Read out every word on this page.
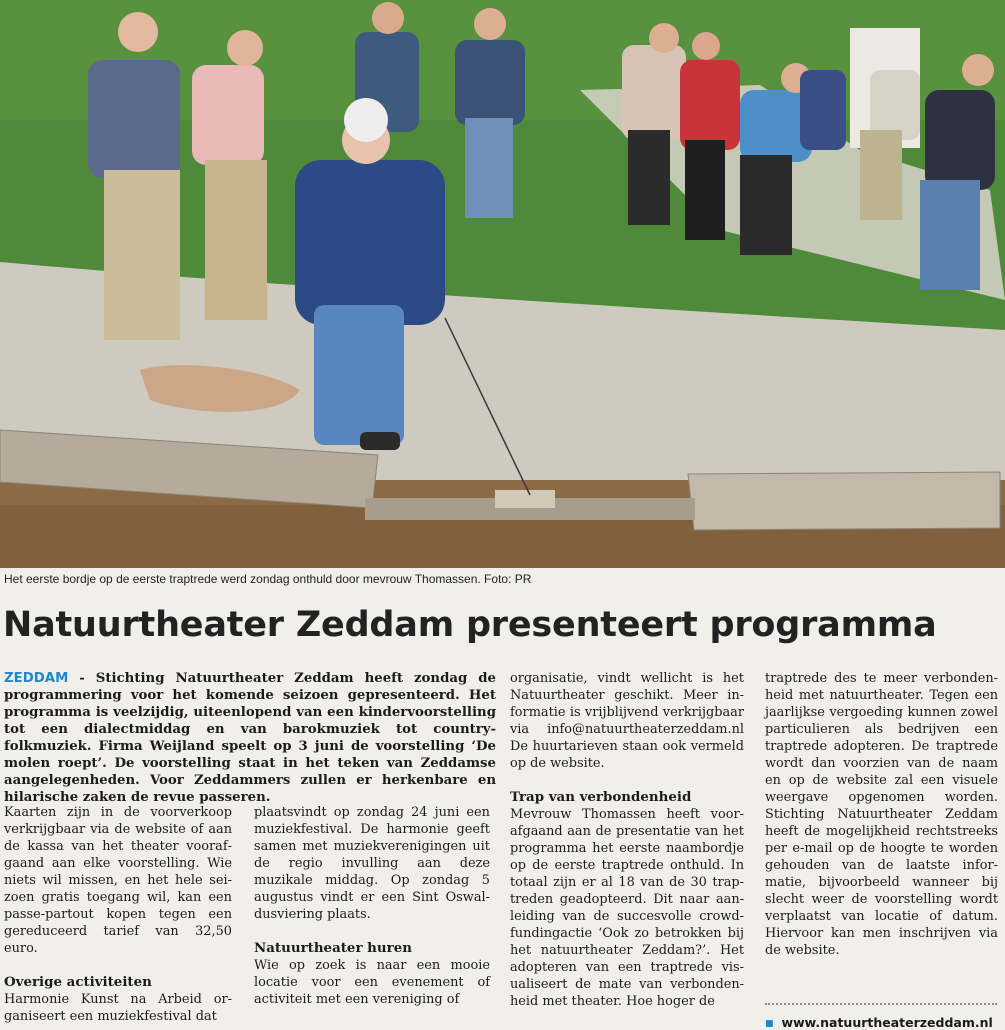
Het eerste bordje op de eerste traptrede werd zondag onthuld door mevrouw Thomassen. Foto: PR
Natuurtheater Zeddam presenteert programma
ZEDDAM - Stichting Natuurtheater Zeddam heeft zondag de programmering voor het komende seizoen gepresenteerd. Het programma is veelzijdig, uiteenlopend van een kindervoorstelling tot een dialectmiddag en van barokmuziek tot country-folkmuziek. Firma Weijland speelt op 3 juni de voorstelling ‘De molen roept’. De voorstelling staat in het teken van Zeddamse aangelegenheden. Voor Zeddammers zullen er herkenbare en hilarische zaken de revue passeren.

Kaarten zijn in de voorverkoop verkrijgbaar via de website of aan de kassa van het theater voorafgaand aan elke voorstelling. Wie niets wil missen, en het hele seizoen gratis toegang wil, kan een passe-partout kopen tegen een gereduceerd tarief van 32,50 euro.

Overige activiteiten

Harmonie Kunst na Arbeid organiseert een muziekfestival dat

plaatsvindt op zondag 24 juni een muziekfestival. De harmonie geeft samen met muziekverenigingen uit de regio invulling aan deze muzikale middag. Op zondag 5 augustus vindt er een Sint Oswaldusviering plaats.

Natuurtheater huren

Wie op zoek is naar een mooie locatie voor een evenement of activiteit met een vereniging of

organisatie, vindt wellicht is het Natuurtheater geschikt. Meer informatie is vrijblijvend verkrijgbaar via info@natuurtheaterzeddam.nl De huurtarieven staan ook vermeld op de website.

Trap van verbondenheid

Mevrouw Thomassen heeft voorafgaand aan de presentatie van het programma het eerste naambordje op de eerste traptrede onthuld. In totaal zijn er al 18 van de 30 traptreden geadopteerd. Dit naar aanleiding van de succesvolle crowdfundingactie ‘Ook zo betrokken bij het natuurtheater Zeddam?’. Het adopteren van een traptrede visualiseert de mate van verbondenheid met theater. Hoe hoger de

traptrede des te meer verbondenheid met natuurtheater. Tegen een jaarlijkse vergoeding kunnen zowel particulieren als bedrijven een traptrede adopteren. De traptrede wordt dan voorzien van de naam en op de website zal een visuele weergave opgenomen worden. Stichting Natuurtheater Zeddam heeft de mogelijkheid rechtstreeks per e-mail op de hoogte te worden gehouden van de laatste informatie, bijvoorbeeld wanneer bij slecht weer de voorstelling wordt verplaatst van locatie of datum. Hiervoor kan men inschrijven via de website.

■ www.natuurtheaterzeddam.nl
